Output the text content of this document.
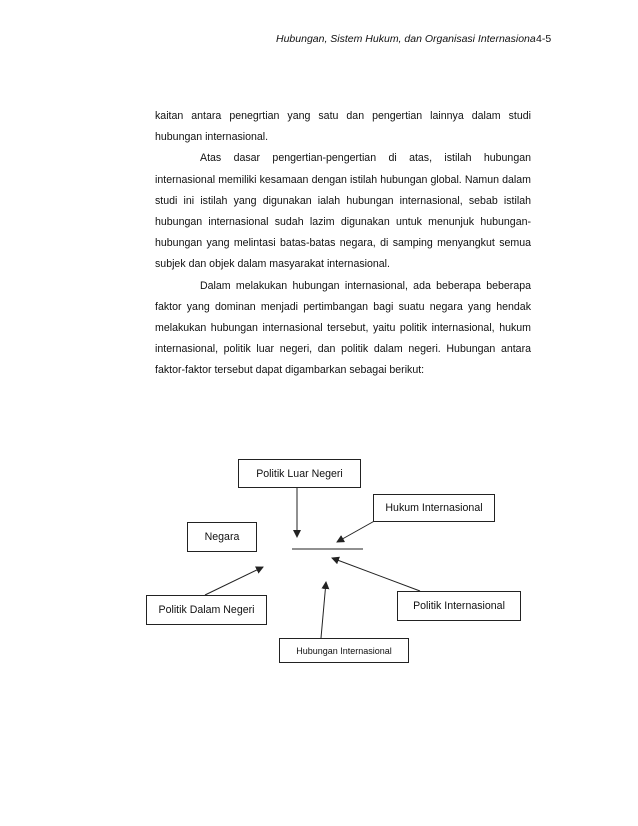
Hubungan, Sistem Hukum, dan Organisasi Internasiona 4-5

kaitan antara penegrtian yang satu dan pengertian lainnya dalam studi hubungan internasional.

Atas dasar pengertian-pengertian di atas, istilah hubungan internasional memiliki kesamaan dengan istilah hubungan global. Namun dalam studi ini istilah yang digunakan ialah hubungan internasional, sebab istilah hubungan internasional sudah lazim digunakan untuk menunjuk hubungan-hubungan yang melintasi batas-batas negara, di samping menyangkut semua subjek dan objek dalam masyarakat internasional.

Dalam melakukan hubungan internasional, ada beberapa beberapa faktor yang dominan menjadi pertimbangan bagi suatu negara yang hendak melakukan hubungan internasional tersebut, yaitu politik internasional, hukum internasional, politik luar negeri, dan politik dalam negeri. Hubungan antara faktor-faktor tersebut dapat digambarkan sebagai berikut:

Politik Luar Negeri
Hukum Internasional
Negara
Politik Dalam Negeri	Politik Internasional
Hubungan Internasional
